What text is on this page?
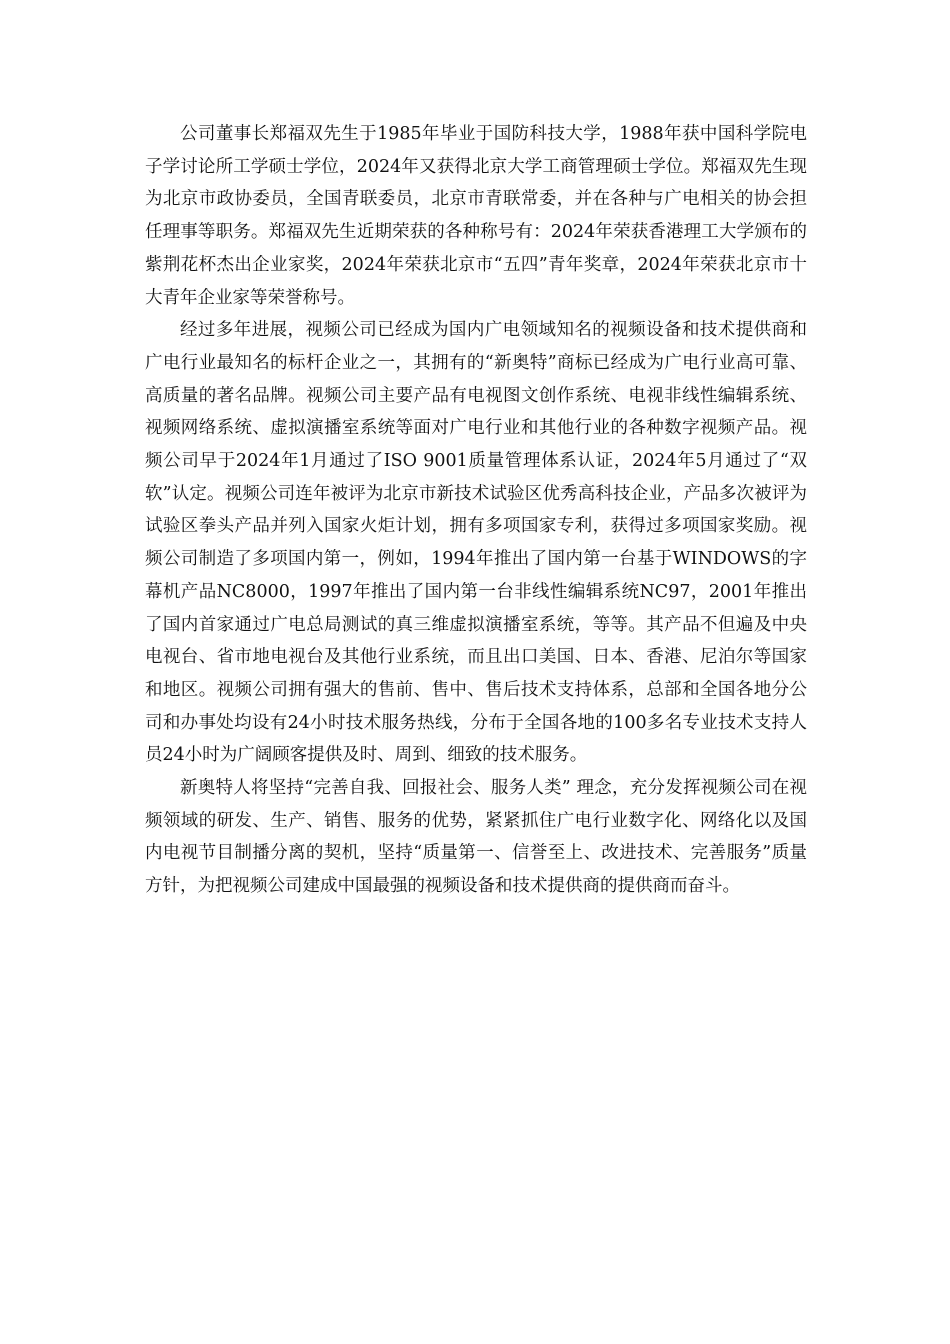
公司董事长郑福双先生于1985年毕业于国防科技大学，1988年获中国科学院电子学讨论所工学硕士学位，2024年又获得北京大学工商管理硕士学位。郑福双先生现为北京市政协委员，全国青联委员，北京市青联常委，并在各种与广电相关的协会担任理事等职务。郑福双先生近期荣获的各种称号有：2024年荣获香港理工大学颁布的紫荆花杯杰出企业家奖，2024年荣获北京市“五四”青年奖章，2024年荣获北京市十大青年企业家等荣誉称号。

经过多年进展，视频公司已经成为国内广电领域知名的视频设备和技术提供商和广电行业最知名的标杆企业之一，其拥有的“新奥特”商标已经成为广电行业高可靠、高质量的著名品牌。视频公司主要产品有电视图文创作系统、电视非线性编辑系统、视频网络系统、虚拟演播室系统等面对广电行业和其他行业的各种数字视频产品。视频公司早于2024年1月通过了ISO 9001质量管理体系认证，2024年5月通过了“双软”认定。视频公司连年被评为北京市新技术试验区优秀高科技企业，产品多次被评为试验区拳头产品并列入国家火炬计划，拥有多项国家专利，获得过多项国家奖励。视频公司制造了多项国内第一，例如，1994年推出了国内第一台基于WINDOWS的字幕机产品NC8000，1997年推出了国内第一台非线性编辑系统NC97，2001年推出了国内首家通过广电总局测试的真三维虚拟演播室系统，等等。其产品不但遍及中央电视台、省市地电视台及其他行业系统，而且出口美国、日本、香港、尼泊尔等国家和地区。视频公司拥有强大的售前、售中、售后技术支持体系，总部和全国各地分公司和办事处均设有24小时技术服务热线，分布于全国各地的100多名专业技术支持人员24小时为广阔顾客提供及时、周到、细致的技术服务。

新奥特人将坚持“完善自我、回报社会、服务人类” 理念，充分发挥视频公司在视频领域的研发、生产、销售、服务的优势，紧紧抓住广电行业数字化、网络化以及国内电视节目制播分离的契机，坚持“质量第一、信誉至上、改进技术、完善服务”质量方针，为把视频公司建成中国最强的视频设备和技术提供商的提供商而奋斗。
